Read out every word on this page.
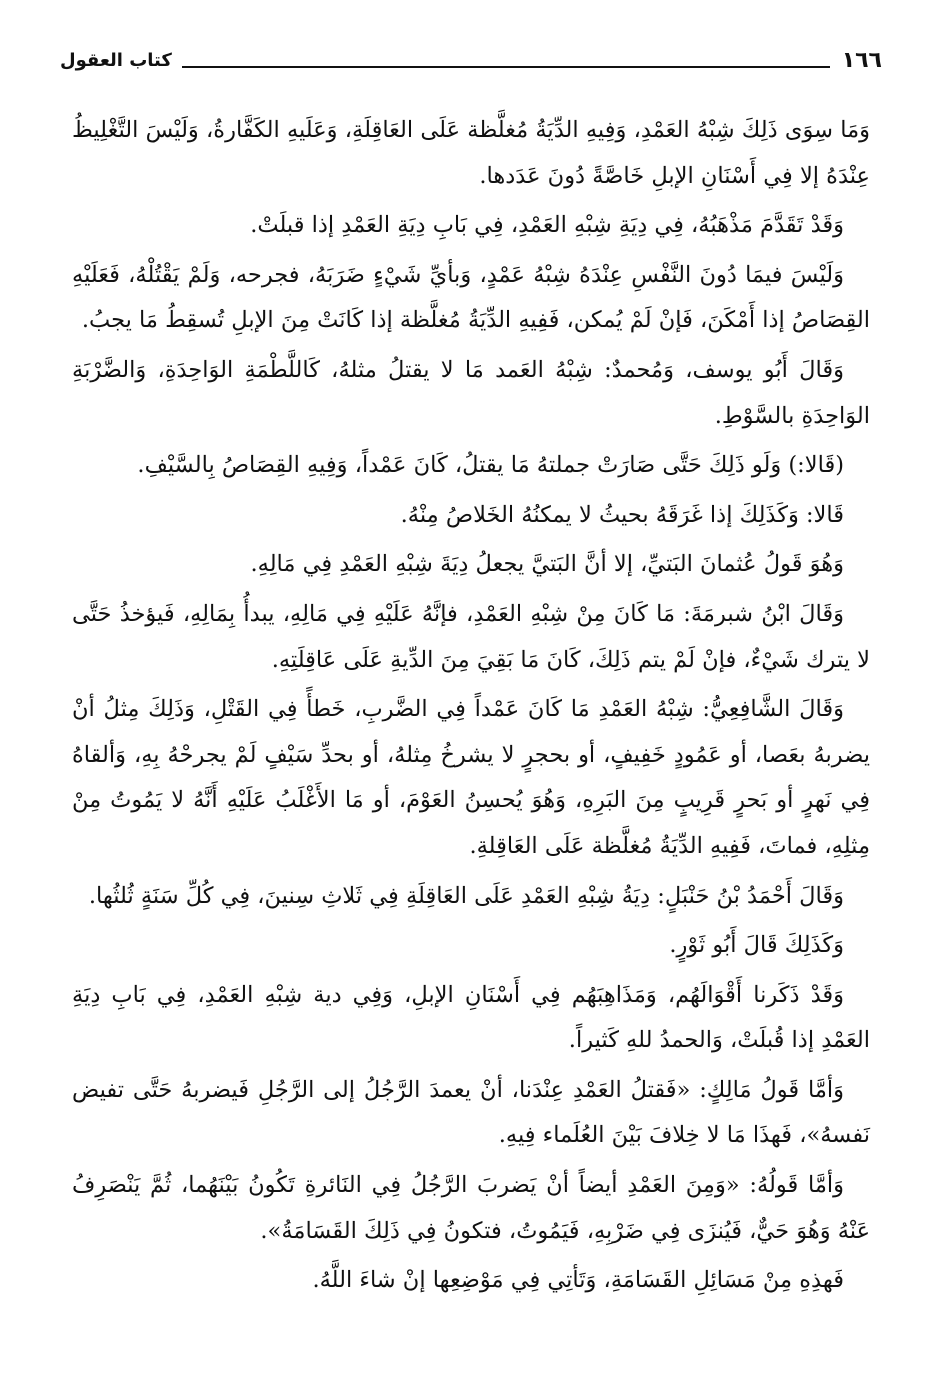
١٦٦
كتاب العقول

وَمَا سِوَى ذَلِكَ شِبْهُ العَمْدِ، وَفِيهِ الدِّيَةُ مُغلَّظة عَلَى العَاقِلَةِ، وَعَلَيهِ الكَفَّارةُ، وَلَيْسَ التَّغْلِيظُ عِنْدَهُ إلا فِي أَسْنَانِ الإبلِ خَاصَّةً دُونَ عَدَدها.

وَقَدْ تَقَدَّمَ مَذْهَبُهُ، فِي دِيَةِ شِبْهِ العَمْدِ، فِي بَابِ دِيَةِ العَمْدِ إذا قبلَتْ.

وَلَيْسَ فيمَا دُونَ النَّفْسِ عِنْدَهُ شِبْهُ عَمْدٍ، وَبأيِّ شَيْءٍ ضَرَبَهُ، فجرحه، وَلَمْ يَقْتُلْهُ، فَعَلَيْهِ القِصَاصُ إذا أَمْكَنَ، فَإنْ لَمْ يُمكن، فَفِيهِ الدِّيَةُ مُغلَّظة إذا كَانَتْ مِنَ الإبلِ تُسقِطُ مَا يجبُ.

وَقَالَ أَبُو يوسف، وَمُحمدٌ: شِبْهُ العَمد مَا لا يقتلُ مثلهُ، كَاللَّطْمَةِ الوَاحِدَةِ، وَالضَّرْبَةِ الوَاحِدَةِ بالسَّوْطِ.

(قَالا:) وَلَو ذَلِكَ حَتَّى صَارَتْ جملتهُ مَا يقتلُ، كَانَ عَمْداً، وَفِيهِ القِصَاصُ بِالسَّيْفِ.

قَالا: وَكَذَلِكَ إذا غَرَقَهُ بحيثُ لا يمكنُهُ الخَلاصُ مِنْهُ.

وَهُوَ قَولُ عُثمانَ البَتيِّ، إلا أنَّ البَتيَّ يجعلُ دِيَةَ شِبْهِ العَمْدِ فِي مَالِهِ.

وَقَالَ ابْنُ شبرمَةَ: مَا كَانَ مِنْ شِبْهِ العَمْدِ، فإنَّهُ عَلَيْهِ فِي مَالِهِ، يبدأُ بِمَالِهِ، فَيؤخذُ حَتَّى لا يترك شَيْءٌ، فإنْ لَمْ يتم ذَلِكَ، كَانَ مَا بَقِيَ مِنَ الدِّيةِ عَلَى عَاقِلَتِهِ.

وَقَالَ الشَّافِعِيُّ: شِبْهُ العَمْدِ مَا كَانَ عَمْداً فِي الضَّربِ، خَطأً فِي القَتْلِ، وَذَلِكَ مِثلُ أنْ يضربهُ بعَصا، أو عَمُودٍ خَفِيفٍ، أو بحجرٍ لا يشرخُ مِثلهُ، أو بحدِّ سَيْفٍ لَمْ يجرحْهُ بِهِ، وَألقاهُ فِي نَهرٍ أو بَحرٍ قَرِيبٍ مِنَ البَرِهِ، وَهُوَ يُحسِنُ العَوْمَ، أو مَا الأَغْلَبُ عَلَيْهِ أَنَّهُ لا يَمُوتُ مِنْ مِثلِهِ، فماتَ، فَفِيهِ الدِّيَةُ مُغلَّظة عَلَى العَاقِلةِ.

وَقَالَ أَحْمَدُ بْنُ حَنْبَلٍ: دِيَةُ شِبْهِ العَمْدِ عَلَى العَاقِلَةِ فِي ثَلاثِ سِنينَ، فِي كُلِّ سَنَةٍ ثُلثُها.

وَكَذَلِكَ قَالَ أَبُو ثَوْرٍ.

وَقَدْ ذَكَرنا أَقْوَالَهُم، وَمَذَاهِبَهُم فِي أَسْنَانِ الإبلِ، وَفِي دية شِبْهِ العَمْدِ، فِي بَابِ دِيَةِ العَمْدِ إذا قُبلَتْ، وَالحمدُ للهِ كَثيراً.

وَأمَّا قَولُ مَالِكٍ: «فَقتلُ العَمْدِ عِنْدَنا، أنْ يعمدَ الرَّجُلُ إلى الرَّجُلِ فَيضربهُ حَتَّى تفيض نَفسهُ»، فَهذَا مَا لا خِلافَ بَيْنَ العُلَماء فِيهِ.

وَأمَّا قَولُهُ: «وَمِنَ العَمْدِ أيضاً أنْ يَضربَ الرَّجُلُ فِي النَائرةِ تَكُونُ بَيْنَهُما، ثُمَّ يَنْصَرِفُ عَنْهُ وَهُوَ حَيٌّ، فَيُنزَى فِي ضَرْبِهِ، فَيَمُوتُ، فتكونُ فِي ذَلِكَ القَسَامَةُ».

فَهذِهِ مِنْ مَسَائِلِ القَسَامَةِ، وَتَأتِي فِي مَوْضِعِها إنْ شاءَ اللَّهُ.
